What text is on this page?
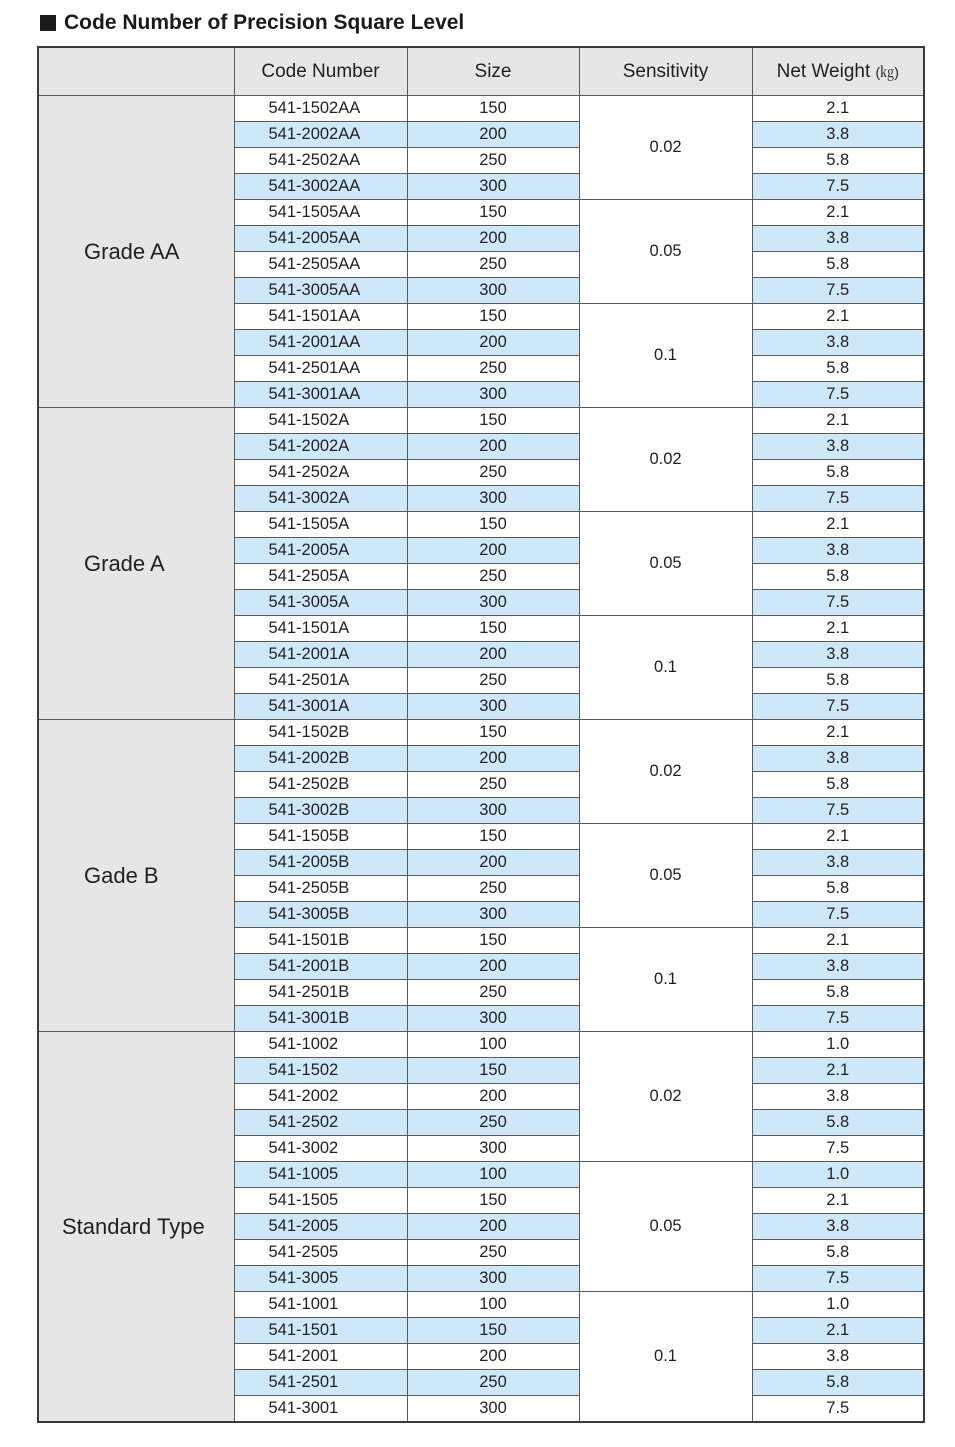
Code Number of Precision Square Level
	Code Number	Size	Sensitivity	Net Weight (㎏)

Grade AA	541-1502AA	150	0.02	2.1
	541-2002AA	200		3.8
	541-2502AA	250		5.8
	541-3002AA	300		7.5
	541-1505AA	150	0.05	2.1
	541-2005AA	200		3.8
	541-2505AA	250		5.8
	541-3005AA	300		7.5
	541-1501AA	150	0.1	2.1
	541-2001AA	200		3.8
	541-2501AA	250		5.8
	541-3001AA	300		7.5

Grade A	541-1502A	150	0.02	2.1
	541-2002A	200		3.8
	541-2502A	250		5.8
	541-3002A	300		7.5
	541-1505A	150	0.05	2.1
	541-2005A	200		3.8
	541-2505A	250		5.8
	541-3005A	300		7.5
	541-1501A	150	0.1	2.1
	541-2001A	200		3.8
	541-2501A	250		5.8
	541-3001A	300		7.5

Gade B	541-1502B	150	0.02	2.1
	541-2002B	200		3.8
	541-2502B	250		5.8
	541-3002B	300		7.5
	541-1505B	150	0.05	2.1
	541-2005B	200		3.8
	541-2505B	250		5.8
	541-3005B	300		7.5
	541-1501B	150	0.1	2.1
	541-2001B	200		3.8
	541-2501B	250		5.8
	541-3001B	300		7.5

Standard Type	541-1002	100	0.02	1.0
	541-1502	150		2.1
	541-2002	200		3.8
	541-2502	250		5.8
	541-3002	300		7.5
	541-1005	100	0.05	1.0
	541-1505	150		2.1
	541-2005	200		3.8
	541-2505	250		5.8
	541-3005	300		7.5
	541-1001	100	0.1	1.0
	541-1501	150		2.1
	541-2001	200		3.8
	541-2501	250		5.8
	541-3001	300		7.5
